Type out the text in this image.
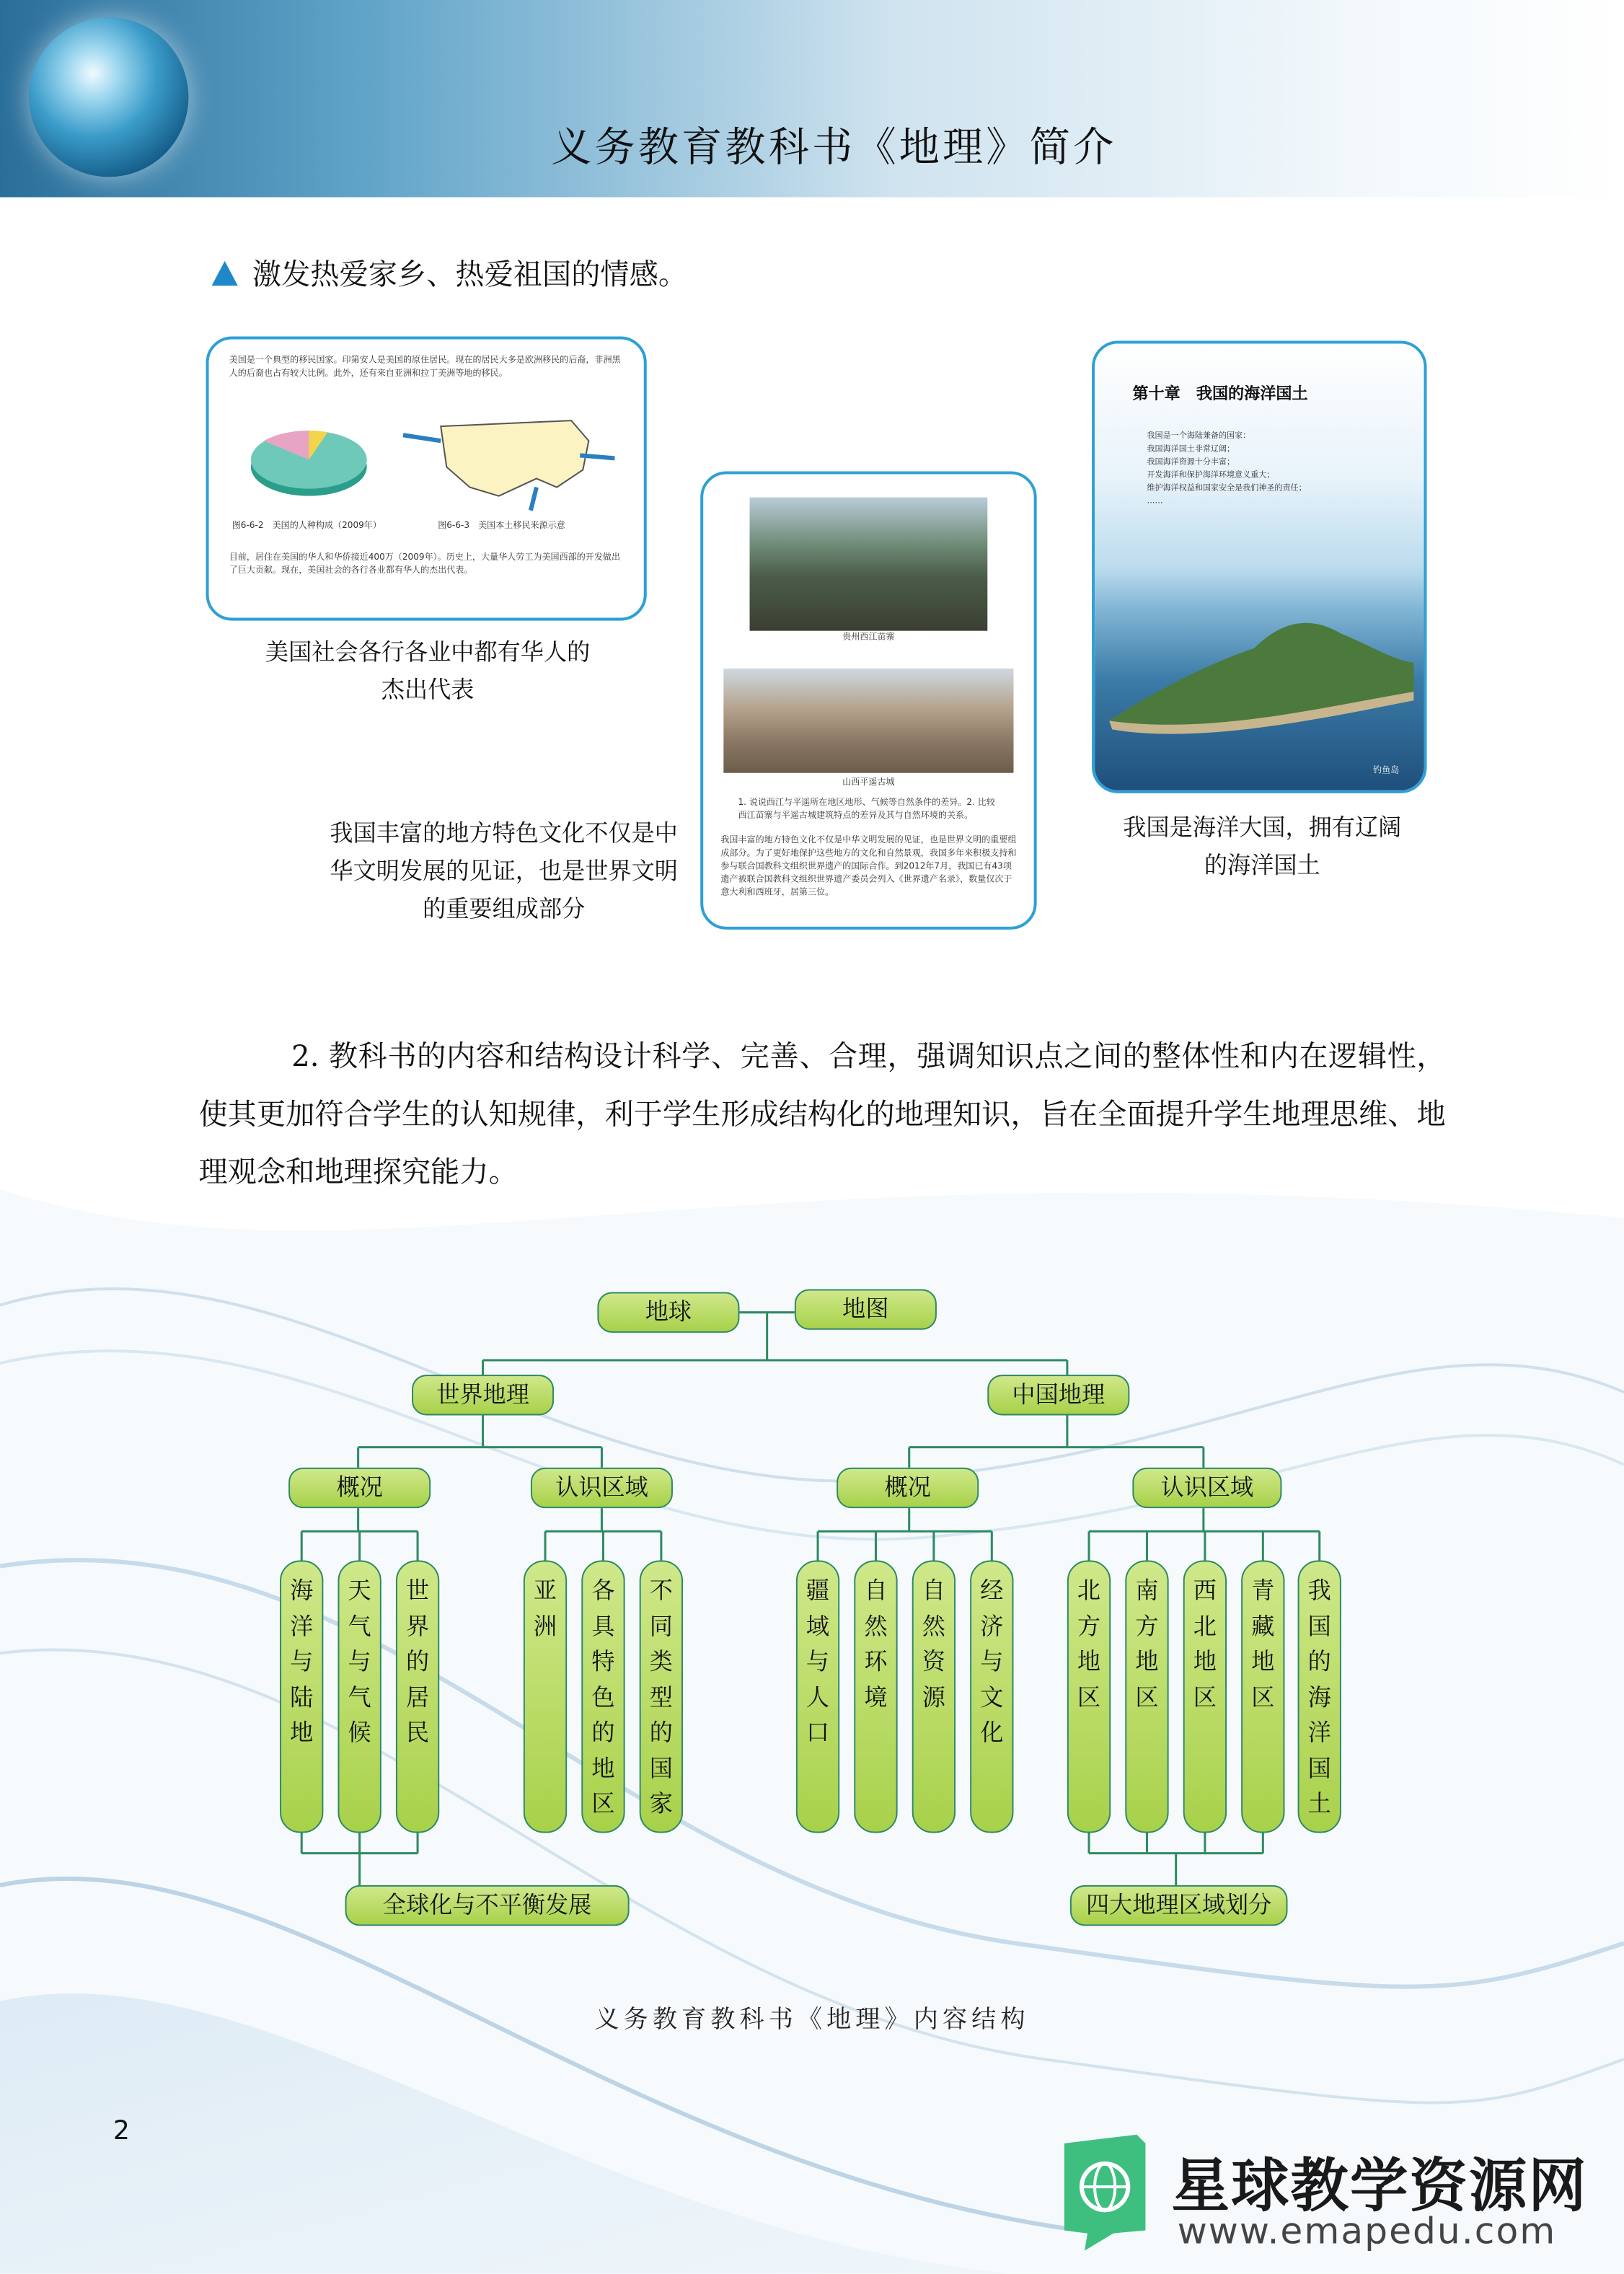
义务教育教科书《地理》简介
激发热爱家乡、热爱祖国的情感。
美国是一个典型的移民国家。印第安人是美国的原住居民。现在的居民大多是欧洲移民的后裔，非洲黑人的后裔也占有较大比例。此外，还有来自亚洲和拉丁美洲等地的移民。
图6-6-2　美国的人种构成（2009年）	图6-6-3　美国本土移民来源示意
目前，居住在美国的华人和华侨接近400万（2009年）。历史上，大量华人劳工为美国西部的开发做出了巨大贡献。现在，美国社会的各行各业都有华人的杰出代表。
美国社会各行各业中都有华人的杰出代表
贵州西江苗寨
山西平遥古城
1. 说说西江与平遥所在地区地形、气候等自然条件的差异。2. 比较西江苗寨与平遥古城建筑特点的差异及其与自然环境的关系。
我国丰富的地方特色文化不仅是中华文明发展的见证，也是世界文明的重要组成部分。为了更好地保护这些地方的文化和自然景观，我国多年来积极支持和参与联合国教科文组织世界遗产的国际合作。到2012年7月，我国已有43项遗产被联合国教科文组织世界遗产委员会列入《世界遗产名录》，数量仅次于意大利和西班牙，居第三位。
我国丰富的地方特色文化不仅是中华文明发展的见证，也是世界文明的重要组成部分
第十章　我国的海洋国土
我国是一个海陆兼备的国家：
我国海洋国土非常辽阔；
我国海洋资源十分丰富；
开发海洋和保护海洋环境意义重大；
维护海洋权益和国家安全是我们神圣的责任；
……
钓鱼岛
我国是海洋大国，拥有辽阔的海洋国土
2. 教科书的内容和结构设计科学、完善、合理，强调知识点之间的整体性和内在逻辑性，使其更加符合学生的认知规律，利于学生形成结构化的地理知识，旨在全面提升学生地理思维、地理观念和地理探究能力。
地球	地图
世界地理	中国地理
概况	认识区域	概况	认识区域
海
洋
与
陆
地
天
气
与
气
候
世
界
的
居
民
亚
洲
各
具
特
色
的
地
区
不
同
类
型
的
国
家
疆
域
与
人
口
自
然
环
境
自
然
资
源
经
济
与
文
化
北
方
地
区
南
方
地
区
西
北
地
区
青
藏
地
区
我
国
的
海
洋
国
土
全球化与不平衡发展	四大地理区域划分
义务教育教科书《地理》内容结构
2
星球教学资源网
www.emapedu.com
